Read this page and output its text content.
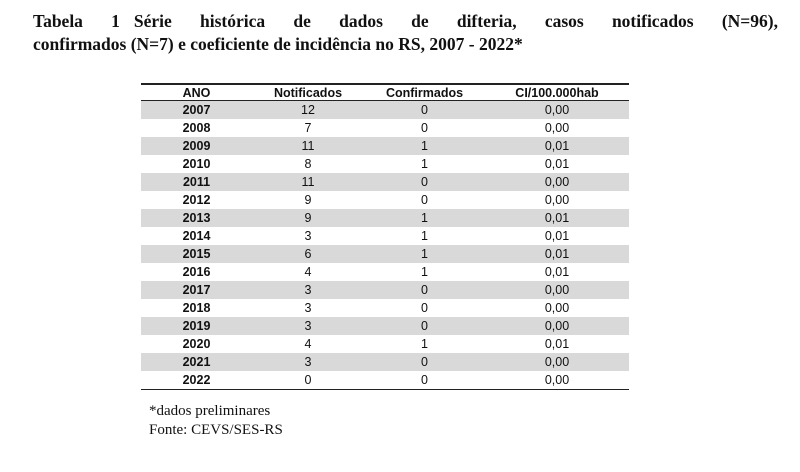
Tabela 1 Série histórica de dados de difteria, casos notificados (N=96),
confirmados (N=7) e coeficiente de incidência no RS, 2007 - 2022*
ANO	Notificados	Confirmados	CI/100.000hab
2007	12	0	0,00
2008	7	0	0,00
2009	11	1	0,01
2010	8	1	0,01
2011	11	0	0,00
2012	9	0	0,00
2013	9	1	0,01
2014	3	1	0,01
2015	6	1	0,01
2016	4	1	0,01
2017	3	0	0,00
2018	3	0	0,00
2019	3	0	0,00
2020	4	1	0,01
2021	3	0	0,00
2022	0	0	0,00
*dados preliminares
Fonte: CEVS/SES-RS
